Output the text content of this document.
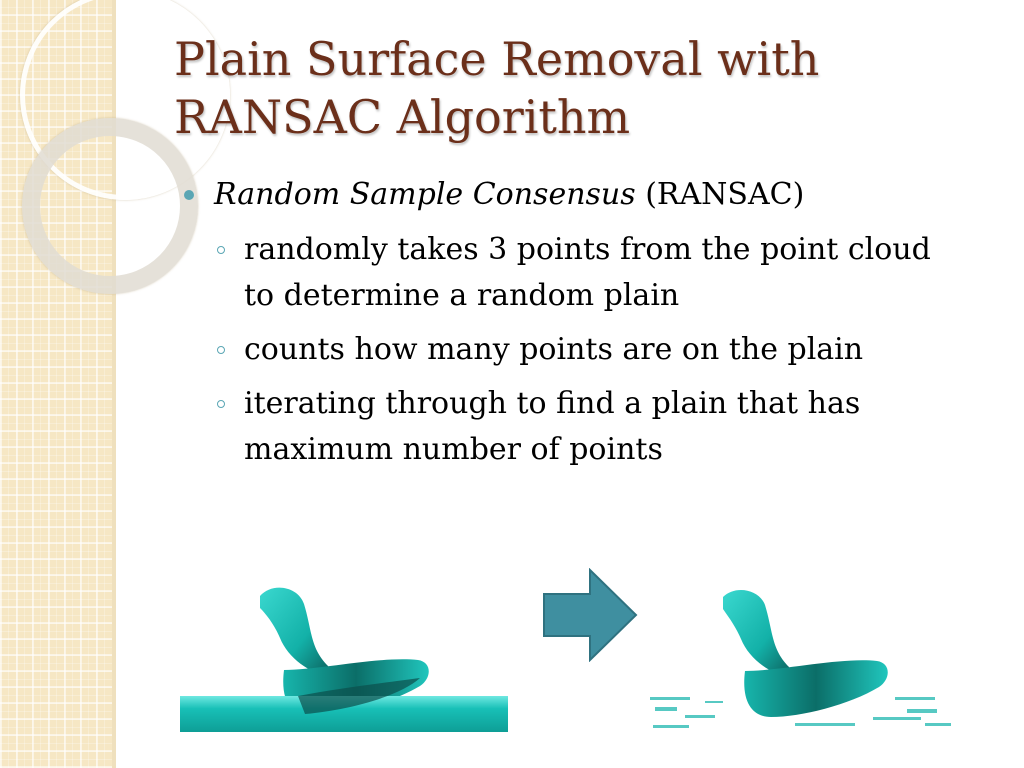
Plain Surface Removal with RANSAC Algorithm
Random Sample Consensus (RANSAC)
randomly takes 3 points from the point cloud to determine a random plain
counts how many points are on the plain
iterating through to find a plain that has maximum number of points
